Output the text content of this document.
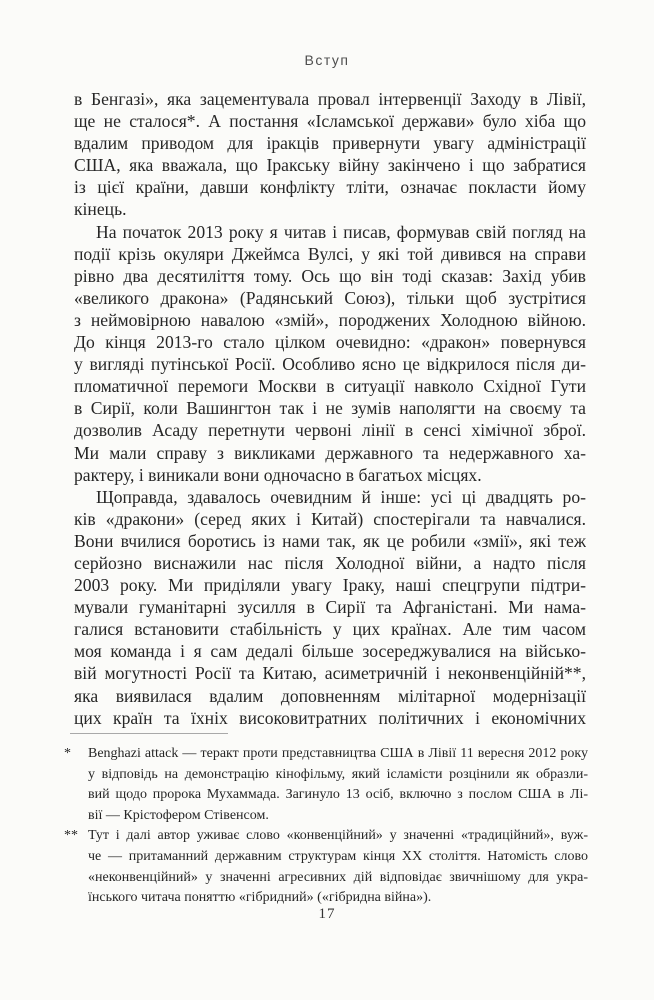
Вступ
в Бенгазі», яка зацементувала провал інтервенції Заходу в Лівії,
ще не сталося*. А постання «Ісламської держави» було хіба що
вдалим приводом для іракців привернути увагу адміністрації
США, яка вважала, що Іракську війну закінчено і що забратися
із цієї країни, давши конфлікту тліти, означає покласти йому
кінець.
На початок 2013 року я читав і писав, формував свій погляд на
події крізь окуляри Джеймса Вулсі, у які той дивився на справи
рівно два десятиліття тому. Ось що він тоді сказав: Захід убив
«великого дракона» (Радянський Союз), тільки щоб зустрітися
з неймовірною навалою «змій», породжених Холодною війною.
До кінця 2013-го стало цілком очевидно: «дракон» повернувся
у вигляді путінської Росії. Особливо ясно це відкрилося після ди-
пломатичної перемоги Москви в ситуації навколо Східної Гути
в Сирії, коли Вашингтон так і не зумів наполягти на своєму та
дозволив Асаду перетнути червоні лінії в сенсі хімічної зброї.
Ми мали справу з викликами державного та недержавного ха-
рактеру, і виникали вони одночасно в багатьох місцях.
Щоправда, здавалось очевидним й інше: усі ці двадцять ро-
ків «дракони» (серед яких і Китай) спостерігали та навчалися.
Вони вчилися боротись із нами так, як це робили «змії», які теж
серйозно виснажили нас після Холодної війни, а надто після
2003 року. Ми приділяли увагу Іраку, наші спецгрупи підтри-
мували гуманітарні зусилля в Сирії та Афганістані. Ми нама-
галися встановити стабільність у цих країнах. Але тим часом
моя команда і я сам дедалі більше зосереджувалися на військо-
вій могутності Росії та Китаю, асиметричній і неконвенційній**,
яка виявилася вдалим доповненням мілітарної модернізації
цих країн та їхніх високовитратних політичних і економічних
*	Benghazi attack — теракт проти представництва США в Лівії 11 вересня 2012 року
у відповідь на демонстрацію кінофільму, який ісламісти розцінили як образли-
вий щодо пророка Мухаммада. Загинуло 13 осіб, включно з послом США в Лі-
вії — Крістофером Стівенсом.
** Тут і далі автор уживає слово «конвенційний» у значенні «традиційний», вуж-
че — притаманний державним структурам кінця ХХ століття. Натомість слово
«неконвенційний» у значенні агресивних дій відповідає звичнішому для укра-
їнського читача поняттю «гібридний» («гібридна війна»).
17
